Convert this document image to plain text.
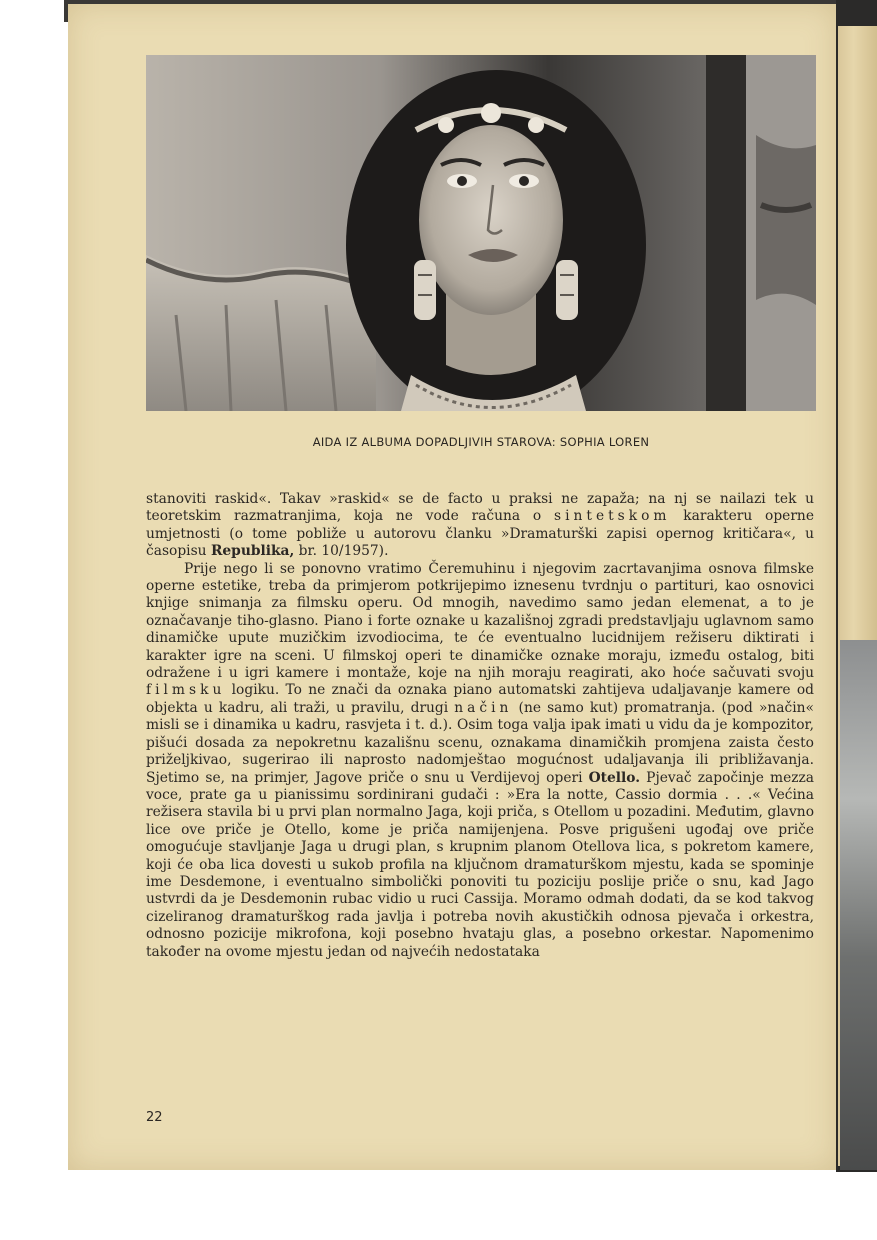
AIDA IZ ALBUMA DOPADLJIVIH STAROVA: SOPHIA LOREN

stanoviti raskid«. Takav »raskid« se de facto u praksi ne zapaža; na nj se nailazi tek u teoretskim razmatranjima, koja ne vode računa o sintetskom karakteru operne umjetnosti (o tome pobliže u autorovu članku »Dramaturški zapisi opernog kritičara«, u časopisu Republika, br. 10/1957).

Prije nego li se ponovno vratimo Čeremuhinu i njegovim zacrtavanjima osnova filmske operne estetike, treba da primjerom potkrijepimo iznesenu tvrdnju o partituri, kao osnovici knjige snimanja za filmsku operu. Od mnogih, navedimo samo jedan elemenat, a to je označavanje tiho-glasno. Piano i forte oznake u kazališnoj zgradi predstavljaju uglavnom samo dinamičke upute muzičkim izvodiocima, te će eventualno lucidnijem režiseru diktirati i karakter igre na sceni. U filmskoj operi te dinamičke oznake moraju, između ostalog, biti odražene i u igri kamere i montaže, koje na njih moraju reagirati, ako hoće sačuvati svoju filmsku logiku. To ne znači da oznaka piano automatski zahtijeva udaljavanje kamere od objekta u kadru, ali traži, u pravilu, drugi način (ne samo kut) promatranja. (pod »način« misli se i dinamika u kadru, rasvjeta i t. d.). Osim toga valja ipak imati u vidu da je kompozitor, pišući dosada za nepokretnu kazališnu scenu, oznakama dinamičkih promjena zaista često priželjkivao, sugerirao ili naprosto nadomještao mogućnost udaljavanja ili približavanja. Sjetimo se, na primjer, Jagove priče o snu u Verdijevoj operi Otello. Pjevač započinje mezza voce, prate ga u pianissimu sordinirani gudači : »Era la notte, Cassio dormia . . .« Većina režisera stavila bi u prvi plan normalno Jaga, koji priča, s Otellom u pozadini. Međutim, glavno lice ove priče je Otello, kome je priča namijenjena. Posve prigušeni ugođaj ove priče omogućuje stavljanje Jaga u drugi plan, s krupnim planom Otellova lica, s pokretom kamere, koji će oba lica dovesti u sukob profila na ključnom dramaturškom mjestu, kada se spominje ime Desdemone, i eventualno simbolički ponoviti tu poziciju poslije priče o snu, kad Jago ustvrdi da je Desdemonin rubac vidio u ruci Cassija. Moramo odmah dodati, da se kod takvog cizeliranog dramaturškog rada javlja i potreba novih akustičkih odnosa pjevača i orkestra, odnosno pozicije mikrofona, koji posebno hvataju glas, a posebno orkestar. Napomenimo također na ovome mjestu jedan od najvećih nedostataka

22
